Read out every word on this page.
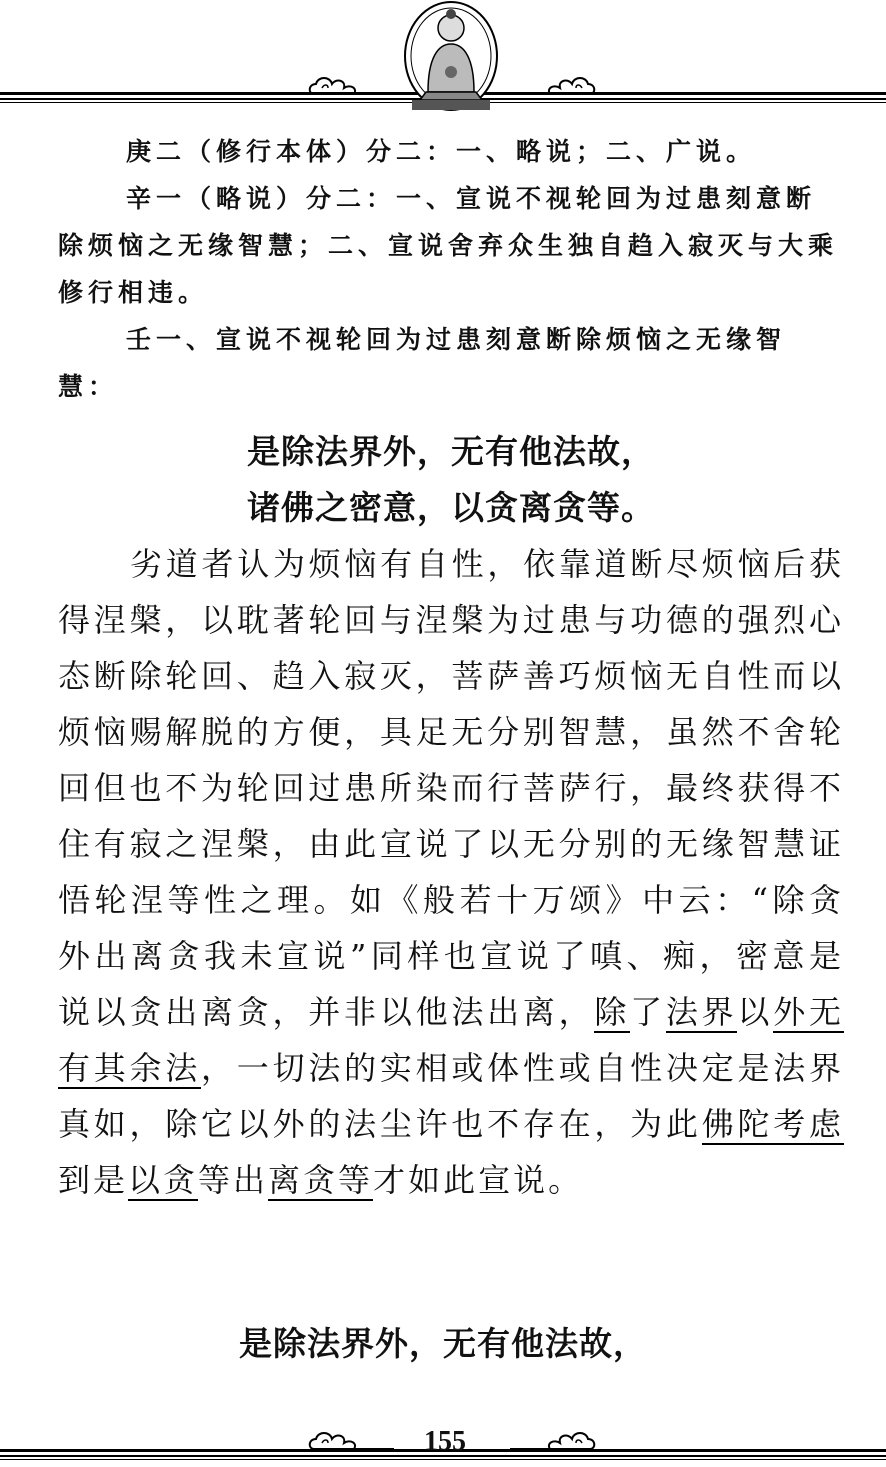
庚二（修行本体）分二：一、略说；二、广说。

辛一（略说）分二：一、宣说不视轮回为过患刻意断除烦恼之无缘智慧；二、宣说舍弃众生独自趋入寂灭与大乘修行相违。

壬一、宣说不视轮回为过患刻意断除烦恼之无缘智慧：

是除法界外，无有他法故，

诸佛之密意，以贪离贪等。

劣道者认为烦恼有自性，依靠道断尽烦恼后获得涅槃，以耽著轮回与涅槃为过患与功德的强烈心态断除轮回、趋入寂灭，菩萨善巧烦恼无自性而以烦恼赐解脱的方便，具足无分别智慧，虽然不舍轮回但也不为轮回过患所染而行菩萨行，最终获得不住有寂之涅槃，由此宣说了以无分别的无缘智慧证悟轮涅等性之理。如《般若十万颂》中云：“除贪外出离贪我未宣说”同样也宣说了嗔、痴，密意是说以贪出离贪，并非以他法出离，除了法界以外无有其余法，一切法的实相或体性或自性决定是法界真如，除它以外的法尘许也不存在，为此佛陀考虑到是以贪等出离贪等才如此宣说。

是除法界外，无有他法故，
155
